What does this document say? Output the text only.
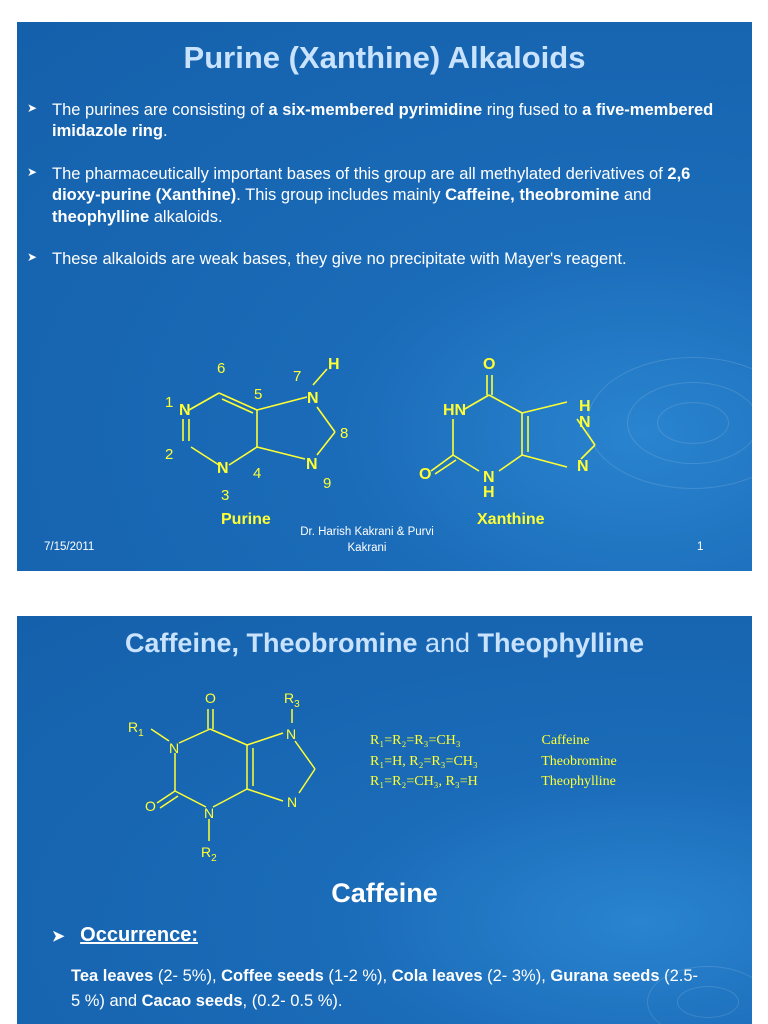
Purine (Xanthine) Alkaloids
➤ The purines are consisting of a six-membered pyrimidine ring fused to a five-membered imidazole ring.
➤ The pharmaceutically important bases of this group are all methylated derivatives of 2,6 dioxy-purine (Xanthine). This group includes mainly Caffeine, theobromine and theophylline alkaloids.
➤ These alkaloids are weak bases, they give no precipitate with Mayer's reagent.
N
N
N
N
H
1
2
3
4
5
6	7
8
9
Purine
O
HN
O	N
H
H
N
N
Xanthine
7/15/2011
Dr. Harish Kakrani & Purvi
Kakrani	1
Caffeine, Theobromine and Theophylline
O
N
O	N
N
N
$R_1$
$R_3$
$R_2$
R₁=R₂=R₃=CH₃	Caffeine
R₁=H, R₂=R₃=CH₃	Theobromine
R₁=R₂=CH₃, R₃=H	Theophylline
Caffeine
➤ Occurrence:
Tea leaves (2- 5%), Coffee seeds (1-2 %), Cola leaves (2- 3%), Gurana seeds (2.5- 5 %) and Cacao seeds, (0.2- 0.5 %).
